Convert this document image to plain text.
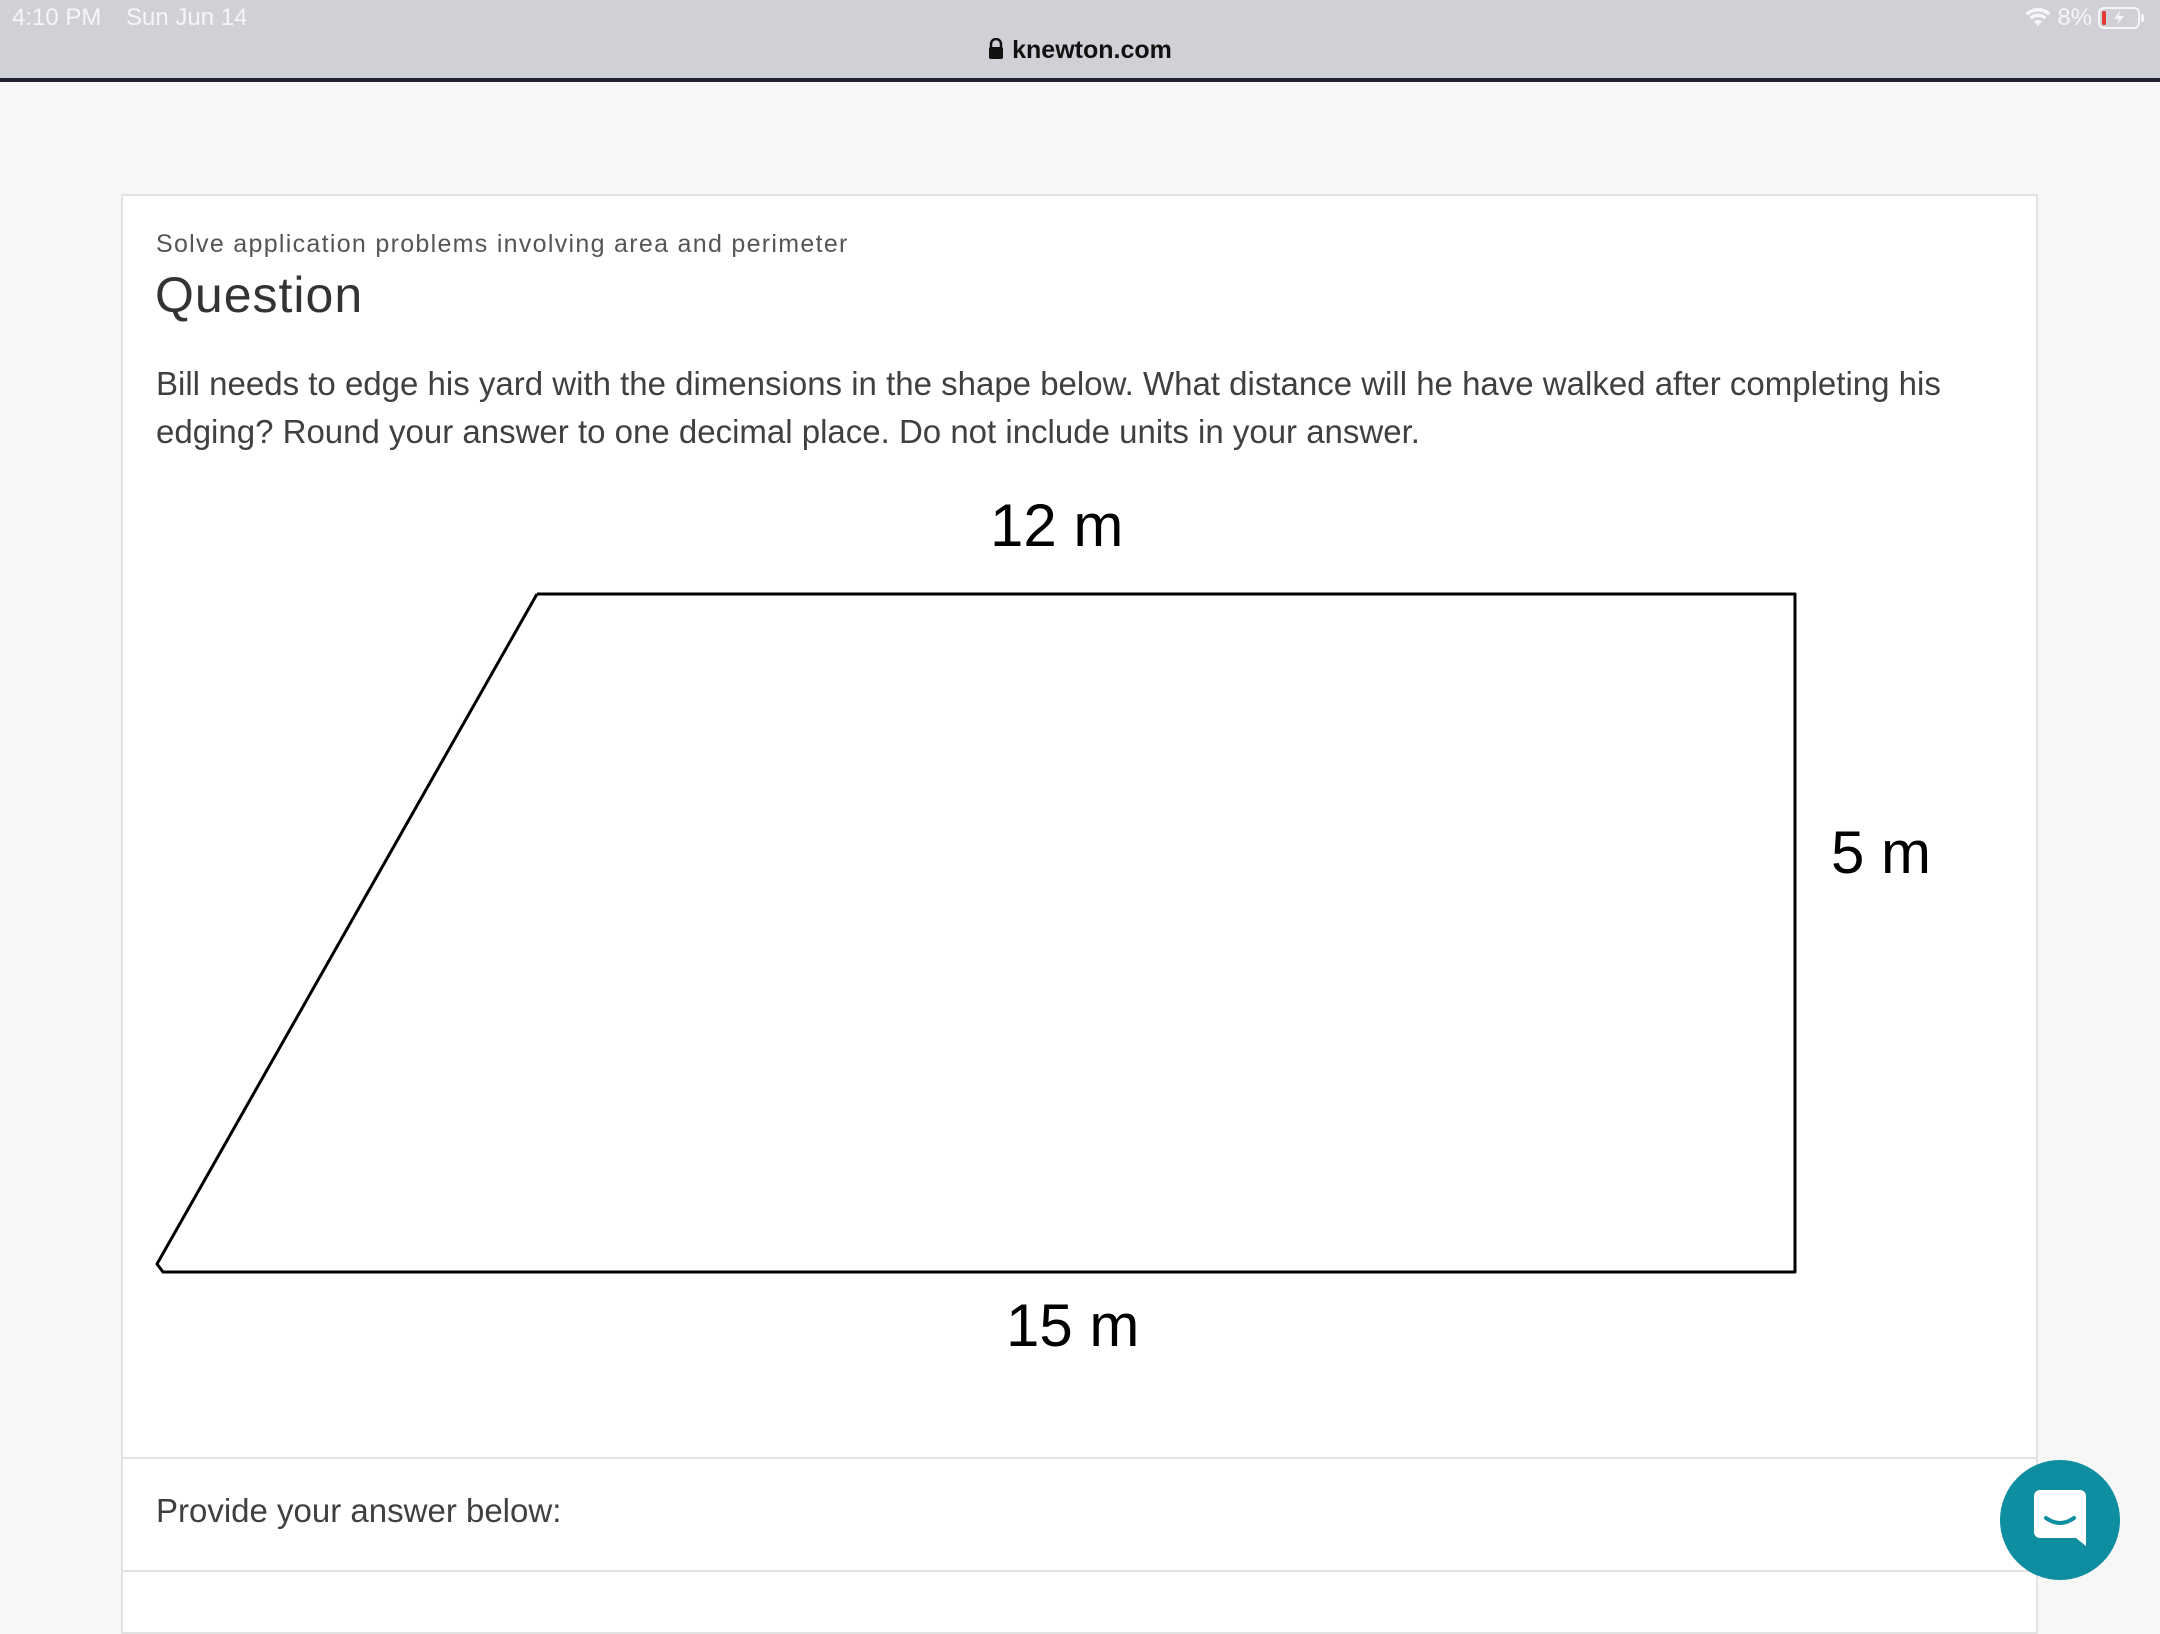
4:10 PM Sun Jun 14	8%
knewton.com
Solve application problems involving area and perimeter
Question
Bill needs to edge his yard with the dimensions in the shape below. What distance will he have walked after completing his edging? Round your answer to one decimal place. Do not include units in your answer.
12 m
5 m
15 m
Provide your answer below:
